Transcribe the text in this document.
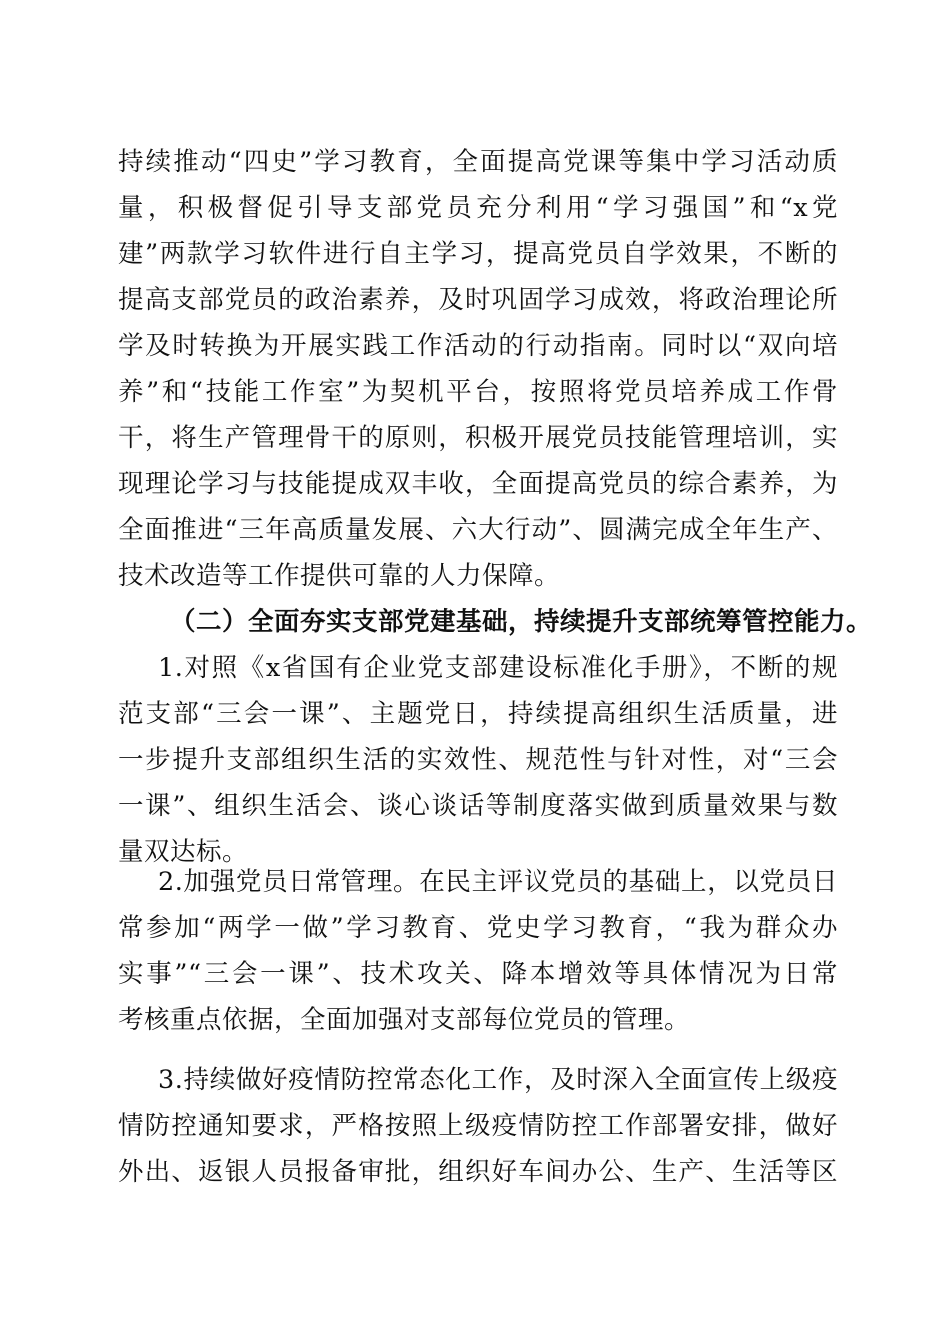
持续推动“四史”学习教育，全面提高党课等集中学习活动质
量，积极督促引导支部党员充分利用“学习强国”和“x党
建”两款学习软件进行自主学习，提高党员自学效果，不断的
提高支部党员的政治素养，及时巩固学习成效，将政治理论所
学及时转换为开展实践工作活动的行动指南。同时以“双向培
养”和“技能工作室”为契机平台，按照将党员培养成工作骨
干，将生产管理骨干的原则，积极开展党员技能管理培训，实
现理论学习与技能提成双丰收，全面提高党员的综合素养，为
全面推进“三年高质量发展、六大行动”、圆满完成全年生产、
技术改造等工作提供可靠的人力保障。
（二）全面夯实支部党建基础，持续提升支部统筹管控能力。
1.对照《x省国有企业党支部建设标准化手册》，不断的规
范支部“三会一课”、主题党日，持续提高组织生活质量，进
一步提升支部组织生活的实效性、规范性与针对性，对“三会
一课”、组织生活会、谈心谈话等制度落实做到质量效果与数
量双达标。
2.加强党员日常管理。在民主评议党员的基础上，以党员日
常参加“两学一做”学习教育、党史学习教育，“我为群众办
实事”“三会一课”、技术攻关、降本增效等具体情况为日常
考核重点依据，全面加强对支部每位党员的管理。
3.持续做好疫情防控常态化工作，及时深入全面宣传上级疫
情防控通知要求，严格按照上级疫情防控工作部署安排，做好
外出、返银人员报备审批，组织好车间办公、生产、生活等区
